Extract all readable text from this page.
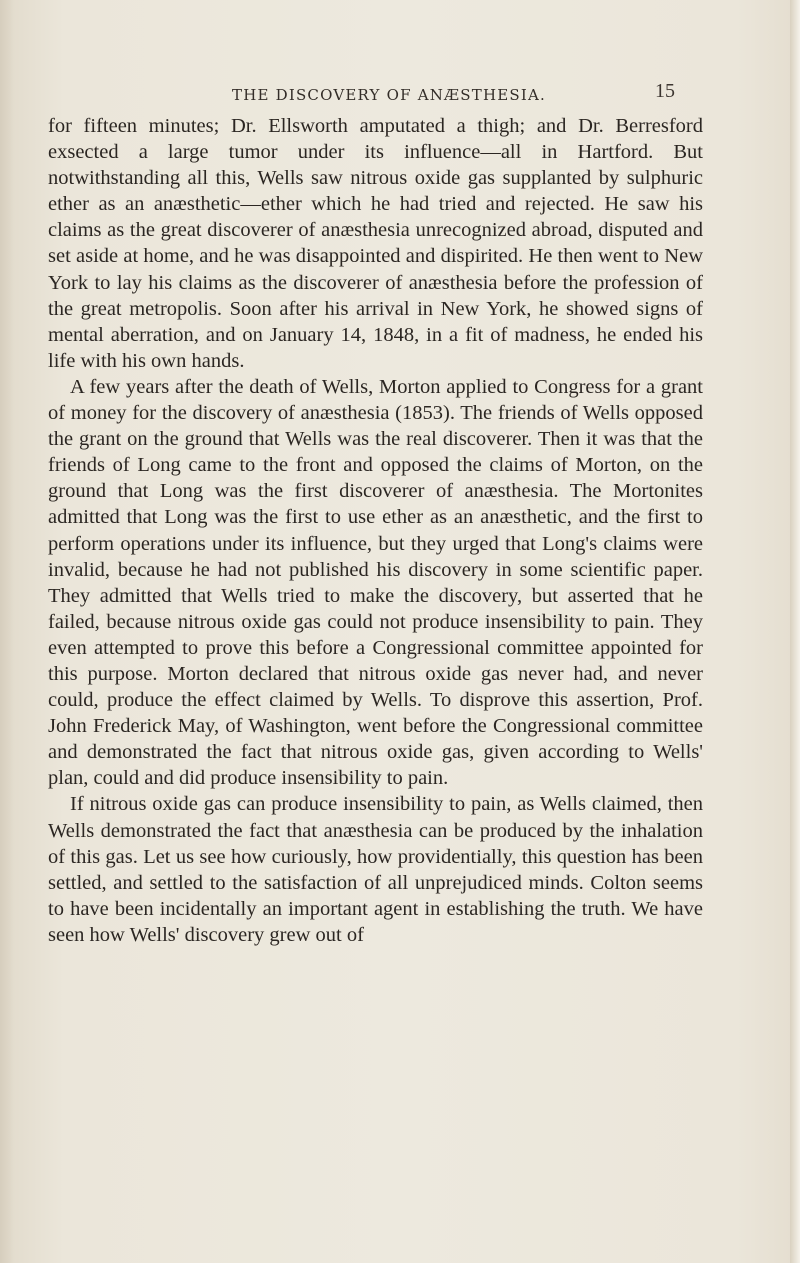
THE DISCOVERY OF ANÆSTHESIA.	15

for fifteen minutes; Dr. Ellsworth amputated a thigh; and Dr. Berresford exsected a large tumor under its influence—all in Hartford. But notwithstanding all this, Wells saw nitrous oxide gas supplanted by sulphuric ether as an anæsthetic—ether which he had tried and rejected. He saw his claims as the great discoverer of anæsthesia unrecognized abroad, disputed and set aside at home, and he was disappointed and dispirited. He then went to New York to lay his claims as the discoverer of anæsthesia before the profession of the great metropolis. Soon after his arrival in New York, he showed signs of mental aberration, and on January 14, 1848, in a fit of madness, he ended his life with his own hands.

A few years after the death of Wells, Morton applied to Congress for a grant of money for the discovery of anæsthesia (1853). The friends of Wells opposed the grant on the ground that Wells was the real discoverer. Then it was that the friends of Long came to the front and opposed the claims of Morton, on the ground that Long was the first discoverer of anæsthesia. The Mortonites admitted that Long was the first to use ether as an anæsthetic, and the first to perform operations under its influence, but they urged that Long's claims were invalid, because he had not published his discovery in some scientific paper. They admitted that Wells tried to make the discovery, but asserted that he failed, because nitrous oxide gas could not produce insensibility to pain. They even attempted to prove this before a Congressional committee appointed for this purpose. Morton declared that nitrous oxide gas never had, and never could, produce the effect claimed by Wells. To disprove this assertion, Prof. John Frederick May, of Washington, went before the Congressional committee and demonstrated the fact that nitrous oxide gas, given according to Wells' plan, could and did produce insensibility to pain.

If nitrous oxide gas can produce insensibility to pain, as Wells claimed, then Wells demonstrated the fact that anæsthesia can be produced by the inhalation of this gas. Let us see how curiously, how providentially, this question has been settled, and settled to the satisfaction of all unprejudiced minds. Colton seems to have been incidentally an important agent in establishing the truth. We have seen how Wells' discovery grew out of
